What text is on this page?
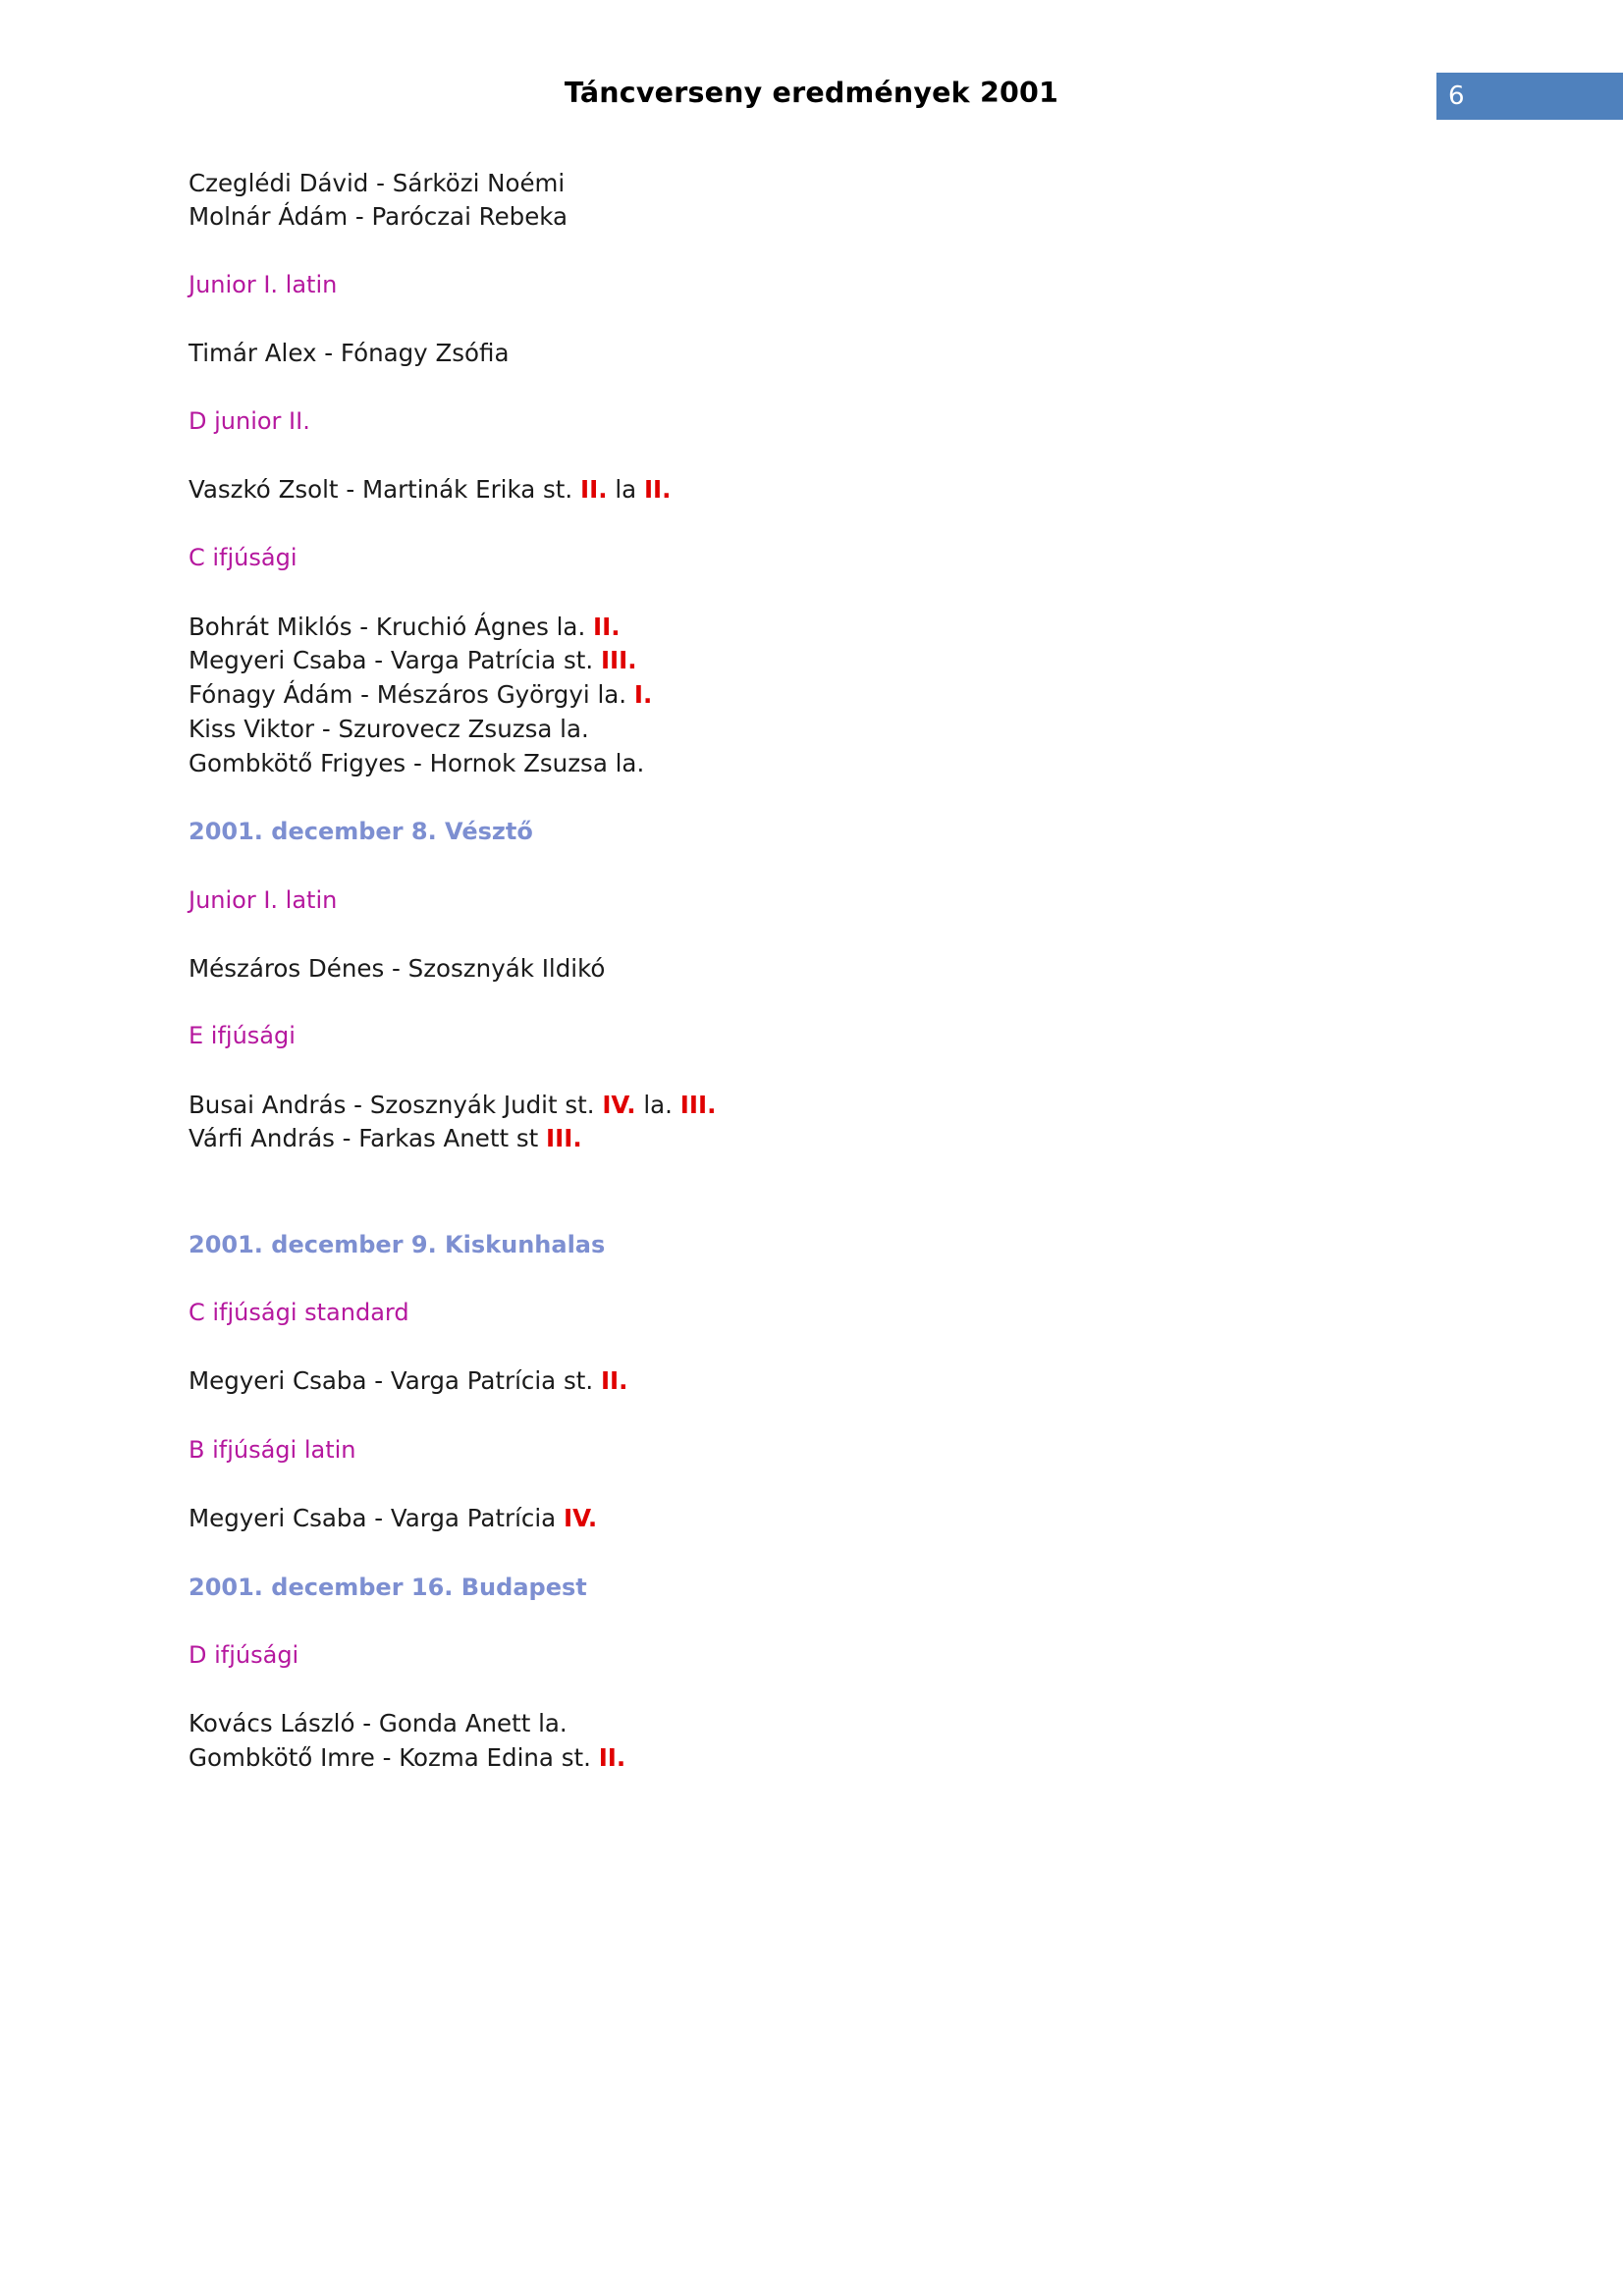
Táncverseny eredmények 2001	6
Czeglédi Dávid - Sárközi Noémi
Molnár Ádám - Paróczai Rebeka
Junior I. latin
Timár Alex - Fónagy Zsófia
D junior II.
Vaszkó Zsolt - Martinák Erika st. II. la II.
C ifjúsági
Bohrát Miklós - Kruchió Ágnes la. II.
Megyeri Csaba - Varga Patrícia st. III.
Fónagy Ádám - Mészáros Györgyi la. I.
Kiss Viktor - Szurovecz Zsuzsa la.
Gombkötő Frigyes - Hornok Zsuzsa la.
2001. december 8. Vésztő
Junior I. latin
Mészáros Dénes - Szosznyák Ildikó
E ifjúsági
Busai András - Szosznyák Judit st. IV. la. III.
Várfi András - Farkas Anett st III.
2001. december 9. Kiskunhalas
C ifjúsági standard
Megyeri Csaba - Varga Patrícia st. II.
B ifjúsági latin
Megyeri Csaba - Varga Patrícia IV.
2001. december 16. Budapest
D ifjúsági
Kovács László - Gonda Anett la.
Gombkötő Imre - Kozma Edina st. II.
